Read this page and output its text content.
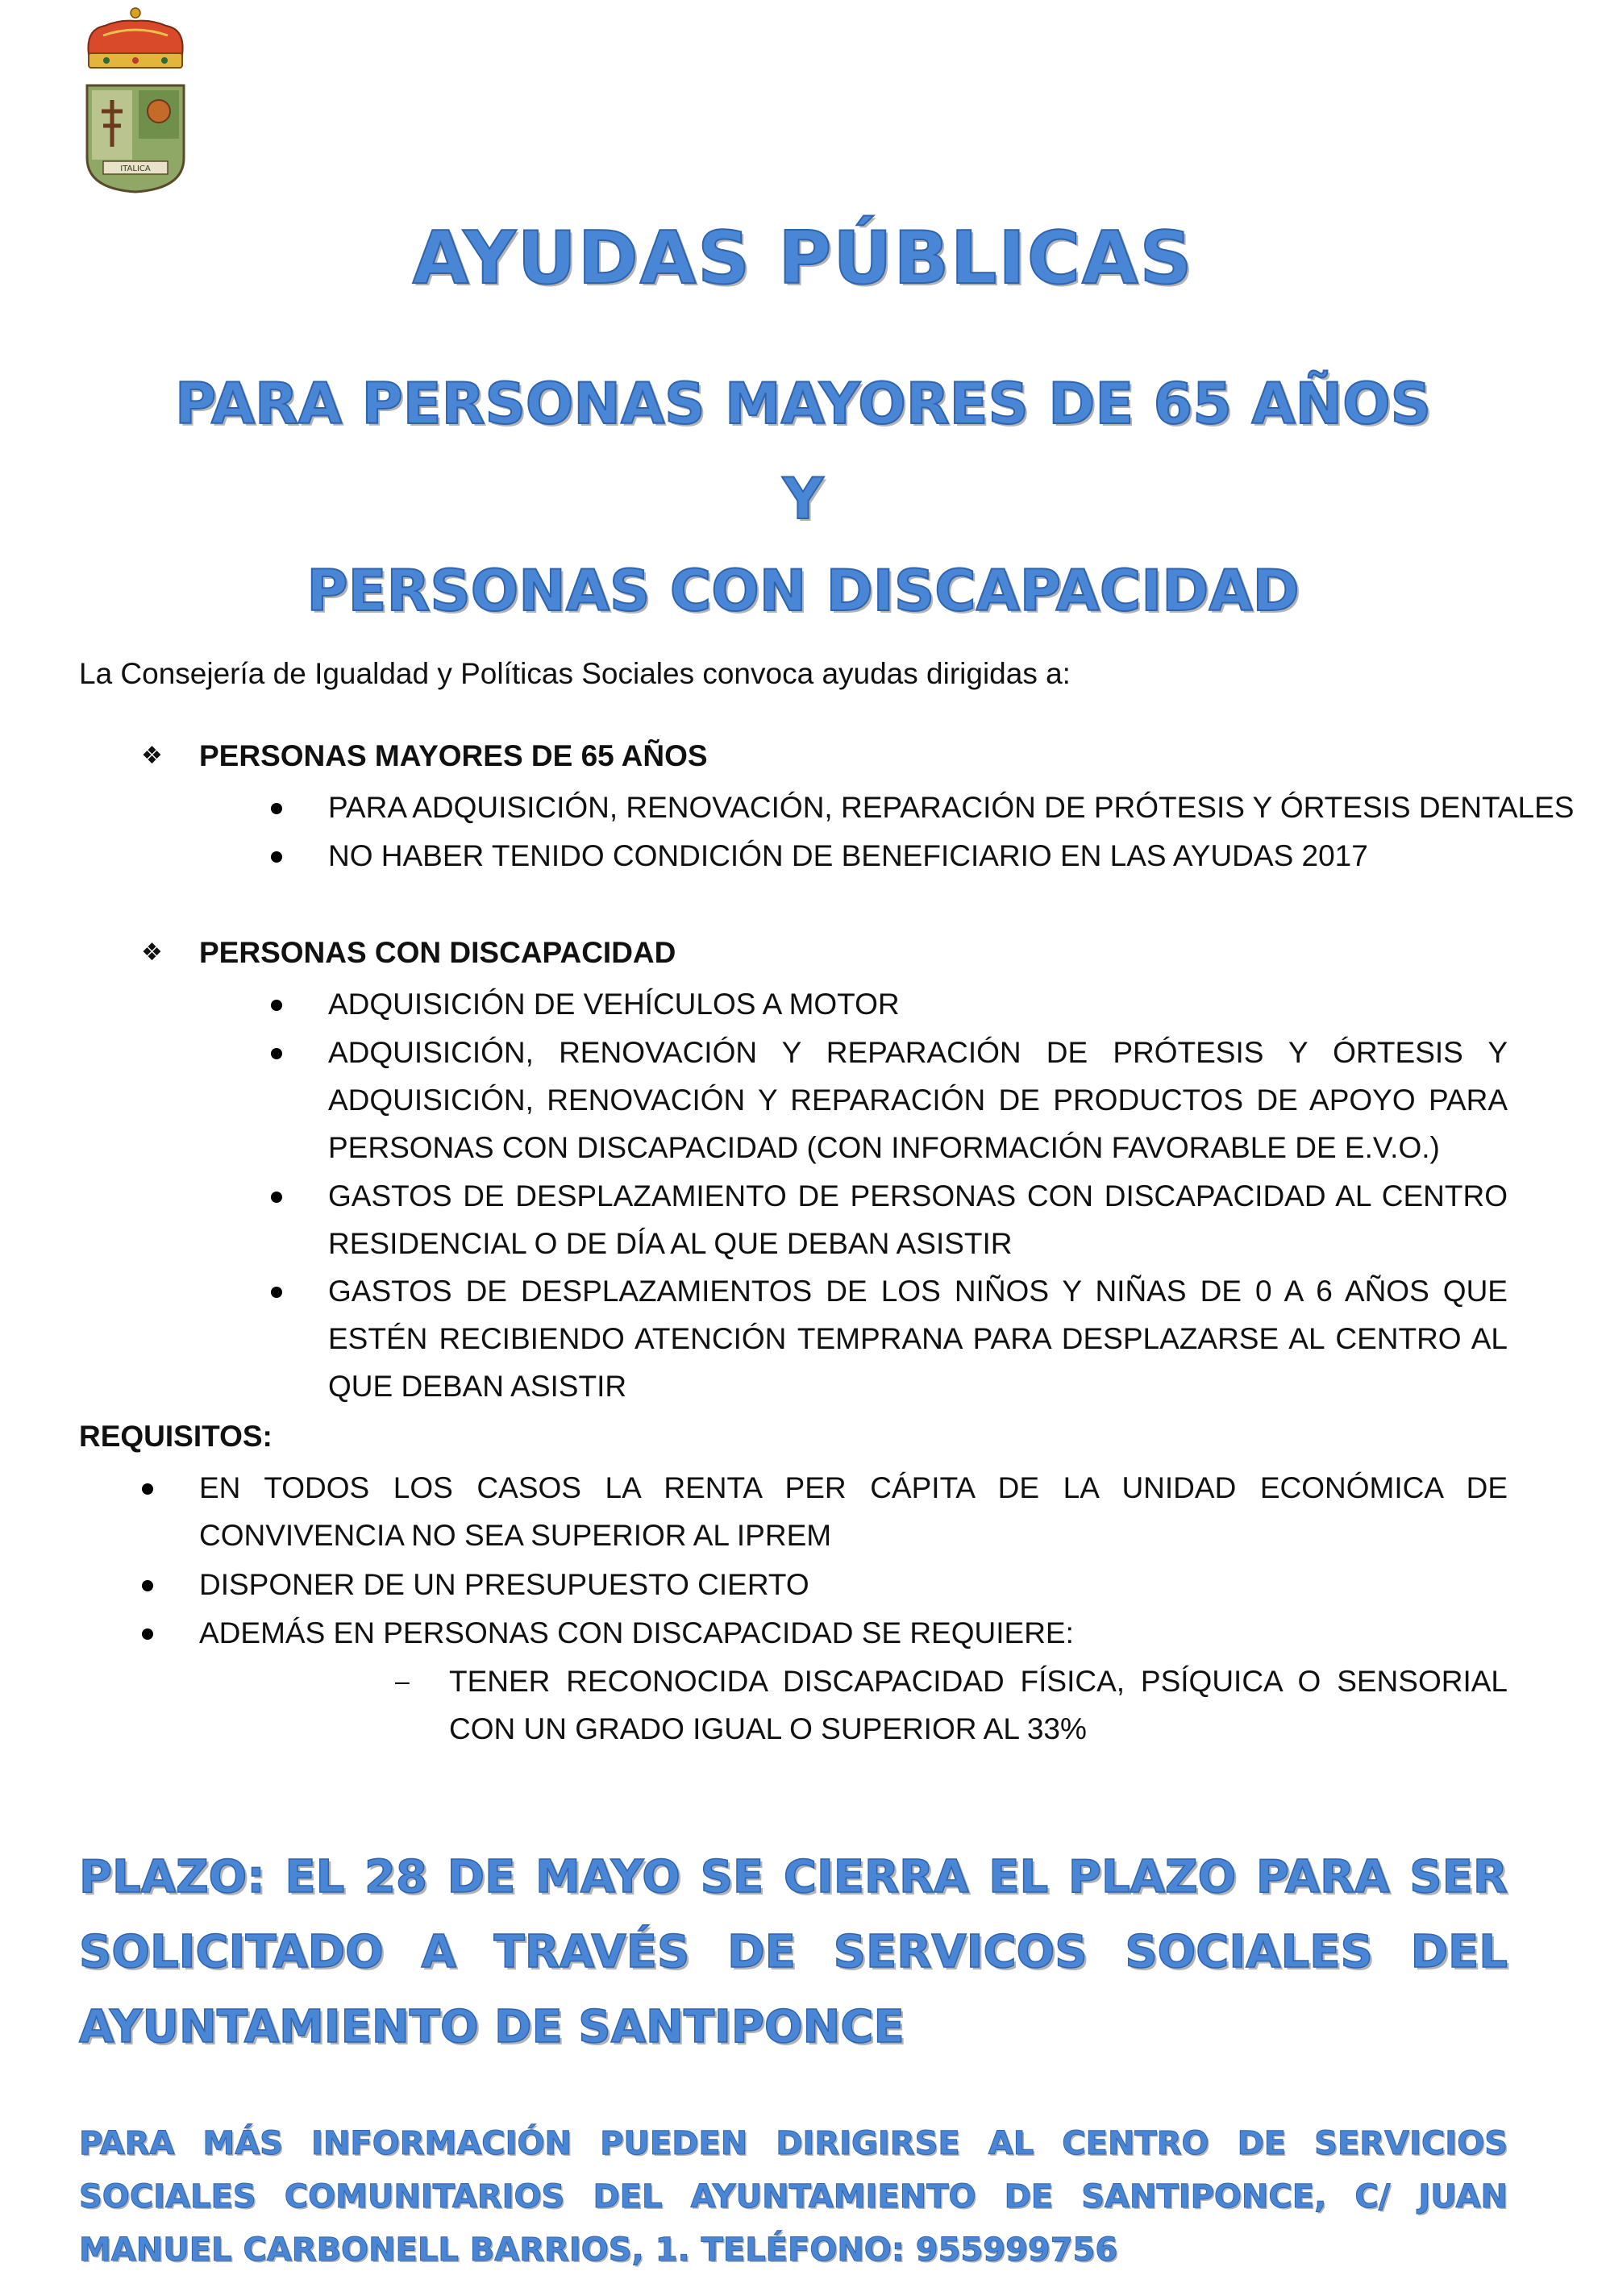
ITALICA
AYUDAS PÚBLICAS
PARA PERSONAS MAYORES DE 65 AÑOS
Y
PERSONAS CON DISCAPACIDAD
La Consejería de Igualdad y Políticas Sociales convoca ayudas dirigidas a:
❖ PERSONAS MAYORES DE 65 AÑOS
PARA ADQUISICIÓN, RENOVACIÓN, REPARACIÓN DE PRÓTESIS Y ÓRTESIS DENTALES
NO HABER TENIDO CONDICIÓN DE BENEFICIARIO EN LAS AYUDAS 2017
❖ PERSONAS CON DISCAPACIDAD
ADQUISICIÓN DE VEHÍCULOS A MOTOR
ADQUISICIÓN, RENOVACIÓN Y REPARACIÓN DE PRÓTESIS Y ÓRTESIS Y ADQUISICIÓN, RENOVACIÓN Y REPARACIÓN DE PRODUCTOS DE APOYO PARA PERSONAS CON DISCAPACIDAD (CON INFORMACIÓN FAVORABLE DE E.V.O.)
GASTOS DE DESPLAZAMIENTO DE PERSONAS CON DISCAPACIDAD AL CENTRO RESIDENCIAL O DE DÍA AL QUE DEBAN ASISTIR
GASTOS DE DESPLAZAMIENTOS DE LOS NIÑOS Y NIÑAS DE 0 A 6 AÑOS QUE ESTÉN RECIBIENDO ATENCIÓN TEMPRANA PARA DESPLAZARSE AL CENTRO AL QUE DEBAN ASISTIR
REQUISITOS:
EN TODOS LOS CASOS LA RENTA PER CÁPITA DE LA UNIDAD ECONÓMICA DE CONVIVENCIA NO SEA SUPERIOR AL IPREM
DISPONER DE UN PRESUPUESTO CIERTO
ADEMÁS EN PERSONAS CON DISCAPACIDAD SE REQUIERE:
– TENER RECONOCIDA DISCAPACIDAD FÍSICA, PSÍQUICA O SENSORIAL CON UN GRADO IGUAL O SUPERIOR AL 33%
PLAZO: EL 28 DE MAYO SE CIERRA EL PLAZO PARA SER SOLICITADO A TRAVÉS DE SERVICOS SOCIALES DEL AYUNTAMIENTO DE SANTIPONCE
PARA MÁS INFORMACIÓN PUEDEN DIRIGIRSE AL CENTRO DE SERVICIOS SOCIALES COMUNITARIOS DEL AYUNTAMIENTO DE SANTIPONCE, C/ JUAN MANUEL CARBONELL BARRIOS, 1. TELÉFONO: 955999756
